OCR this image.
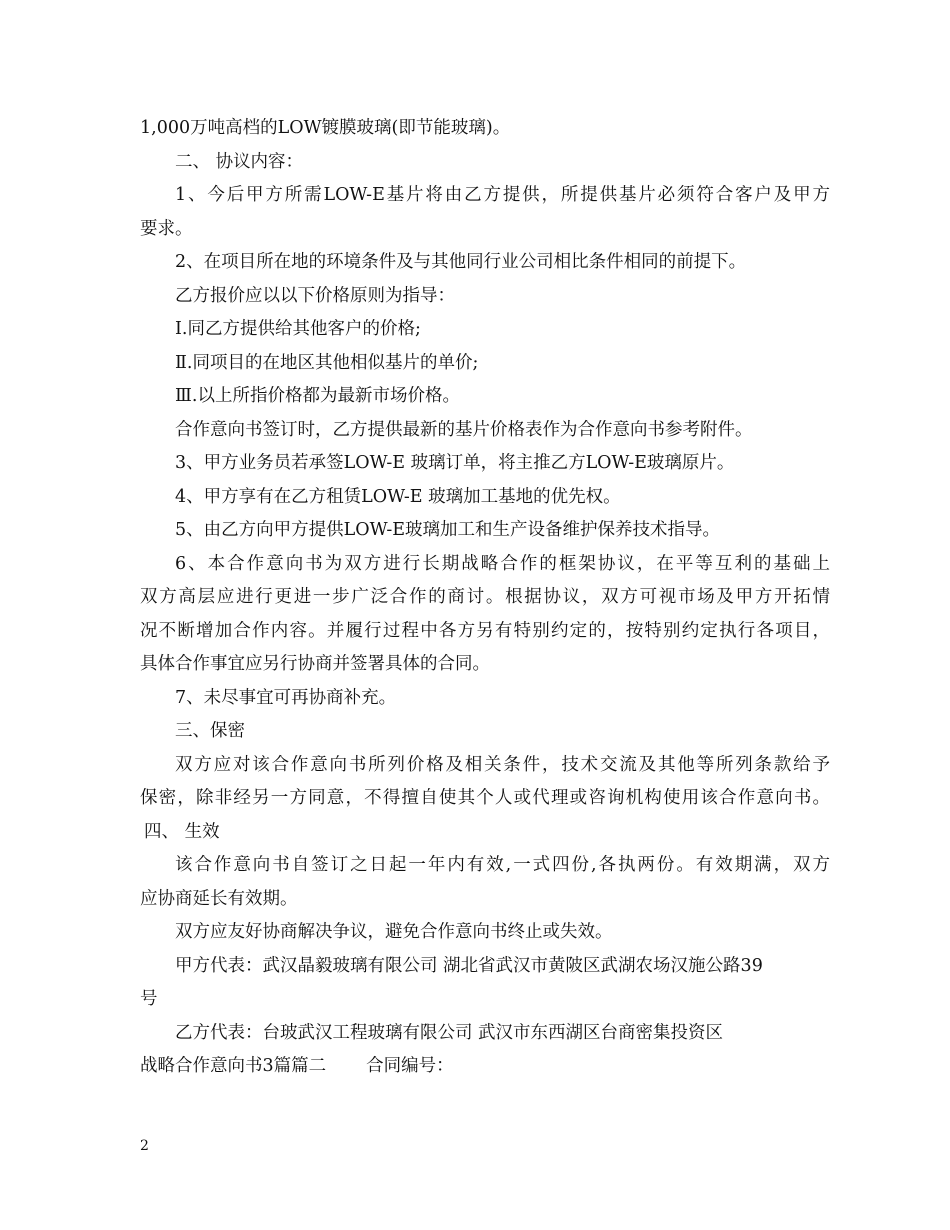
1,000万吨高档的LOW镀膜玻璃(即节能玻璃)。
二、 协议内容：
1、今后甲方所需LOW-E基片将由乙方提供，所提供基片必须符合客户及甲方
要求。
2、在项目所在地的环境条件及与其他同行业公司相比条件相同的前提下。
乙方报价应以以下价格原则为指导：
Ⅰ.同乙方提供给其他客户的价格;
Ⅱ.同项目的在地区其他相似基片的单价;
Ⅲ.以上所指价格都为最新市场价格。
合作意向书签订时，乙方提供最新的基片价格表作为合作意向书参考附件。
3、甲方业务员若承签LOW-E 玻璃订单，将主推乙方LOW-E玻璃原片。
4、甲方享有在乙方租赁LOW-E 玻璃加工基地的优先权。
5、由乙方向甲方提供LOW-E玻璃加工和生产设备维护保养技术指导。
6、本合作意向书为双方进行长期战略合作的框架协议，在平等互利的基础上
双方高层应进行更进一步广泛合作的商讨。根据协议，双方可视市场及甲方开拓情
况不断增加合作内容。并履行过程中各方另有特别约定的，按特别约定执行各项目，
具体合作事宜应另行协商并签署具体的合同。
7、未尽事宜可再协商补充。
三、保密
双方应对该合作意向书所列价格及相关条件，技术交流及其他等所列条款给予
保密，除非经另一方同意，不得擅自使其个人或代理或咨询机构使用该合作意向书。
四、 生效
该合作意向书自签订之日起一年内有效,一式四份,各执两份。有效期满，双方
应协商延长有效期。
双方应友好协商解决争议，避免合作意向书终止或失效。
甲方代表：武汉晶毅玻璃有限公司 湖北省武汉市黄陂区武湖农场汉施公路39
号
乙方代表：台玻武汉工程玻璃有限公司 武汉市东西湖区台商密集投资区
战略合作意向书3篇篇二 合同编号：
2
